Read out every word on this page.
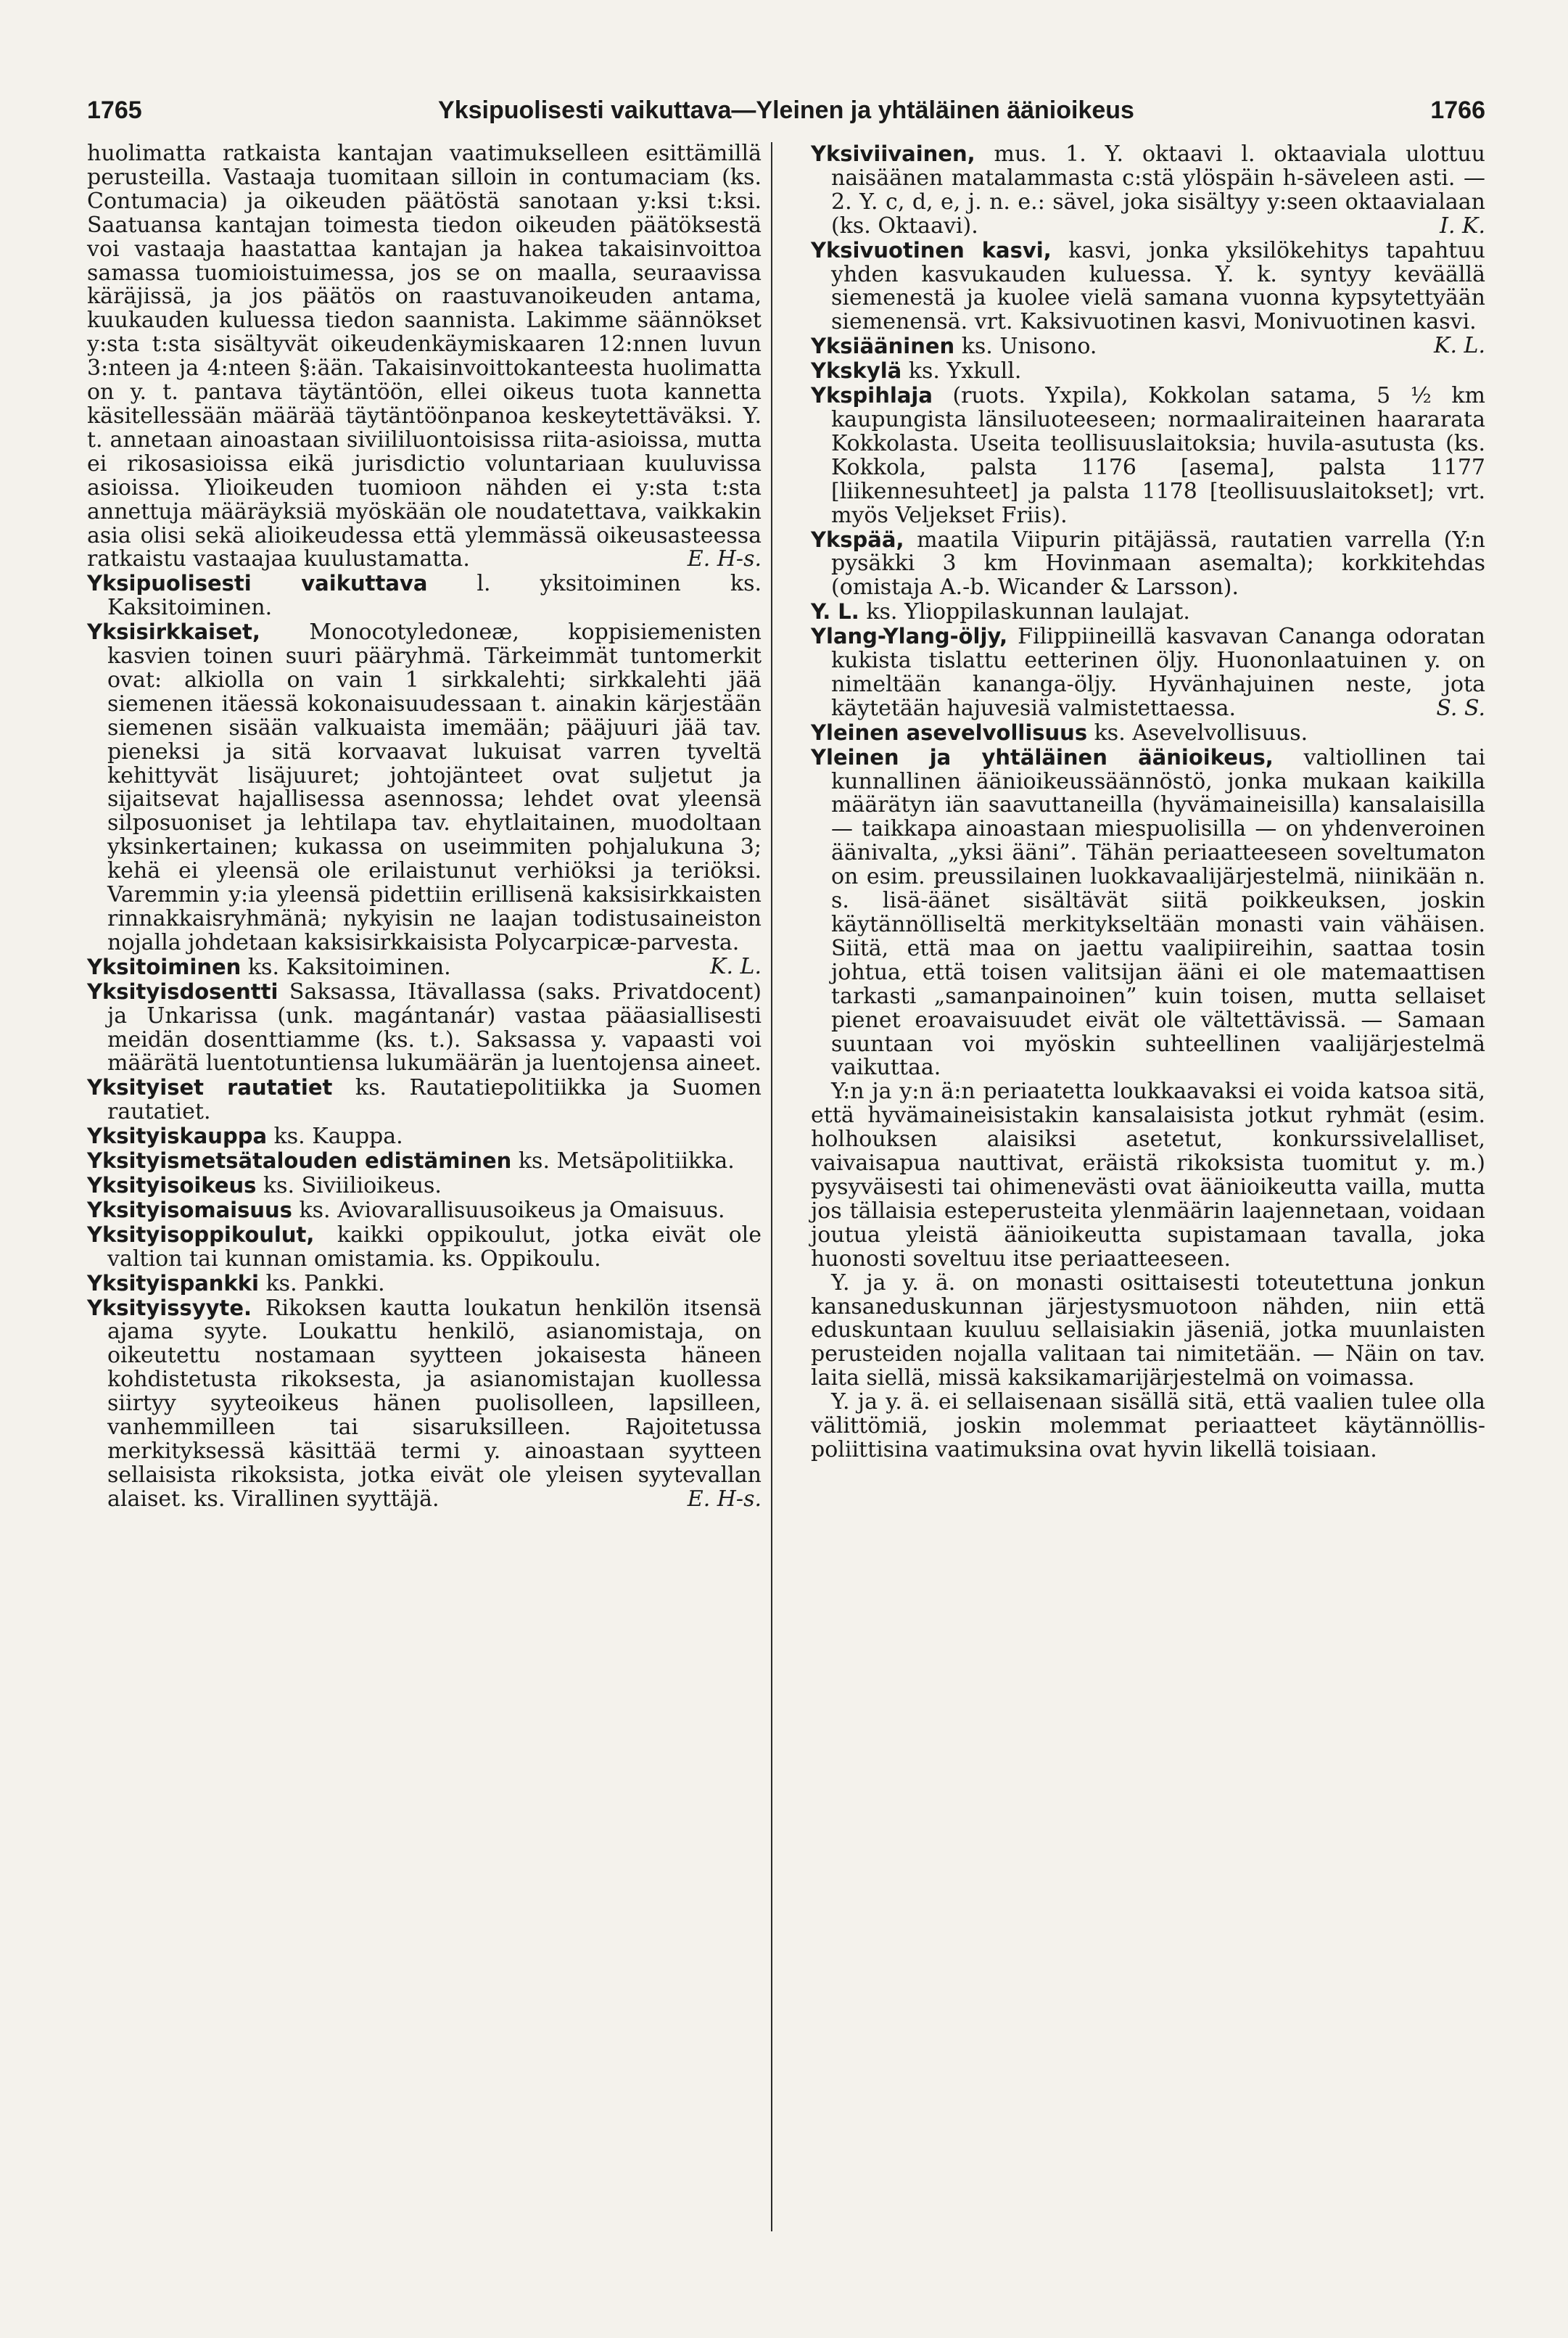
1765	Yksipuolisesti vaikuttava—Yleinen ja yhtäläinen äänioikeus	1766

huolimatta ratkaista kantajan vaatimukselleen esittämillä perusteilla. Vastaaja tuomitaan silloin in contumaciam (ks. Contumacia) ja oikeuden päätöstä sanotaan y:ksi t:ksi. Saatuansa kantajan toimesta tiedon oikeuden päätöksestä voi vastaaja haastattaa kantajan ja hakea takaisinvoittoa samassa tuomioistuimessa, jos se on maalla, seuraavissa käräjissä, ja jos päätös on raastuvanoikeuden antama, kuukauden kuluessa tiedon saannista. Lakimme säännökset y:sta t:sta sisältyvät oikeudenkäymiskaaren 12:nnen luvun 3:nteen ja 4:nteen §:ään. Takaisinvoittokanteesta huolimatta on y. t. pantava täytäntöön, ellei oikeus tuota kannetta käsitellessään määrää täytäntöönpanoa keskeytettäväksi. Y. t. annetaan ainoastaan siviililuontoisissa riita-asioissa, mutta ei rikosasioissa eikä jurisdictio voluntariaan kuuluvissa asioissa. Ylioikeuden tuomioon nähden ei y:sta t:sta annettuja määräyksiä myöskään ole noudatettava, vaikkakin asia olisi sekä alioikeudessa että ylemmässä oikeusasteessa ratkaistu vastaajaa kuulustamatta.	E. H-s.

Yksipuolisesti vaikuttava l. yksitoiminen ks. Kaksitoiminen.

Yksisirkkaiset, Monocotyledoneæ, koppisiemenisten kasvien toinen suuri pääryhmä. Tärkeimmät tuntomerkit ovat: alkiolla on vain 1 sirkkalehti; sirkkalehti jää siemenen itäessä kokonaisuudessaan t. ainakin kärjestään siemenen sisään valkuaista imemään; pääjuuri jää tav. pieneksi ja sitä korvaavat lukuisat varren tyveltä kehittyvät lisäjuuret; johtojänteet ovat suljetut ja sijaitsevat hajallisessa asennossa; lehdet ovat yleensä silposuoniset ja lehtilapa tav. ehytlaitainen, muodoltaan yksinkertainen; kukassa on useimmiten pohjalukuna 3; kehä ei yleensä ole erilaistunut verhiöksi ja teriöksi. Varemmin y:ia yleensä pidettiin erillisenä kaksisirkkaisten rinnakkaisryhmänä; nykyisin ne laajan todistusaineiston nojalla johdetaan kaksisirkkaisista Polycarpicæ-parvesta.
K. L.

Yksitoiminen ks. Kaksitoiminen.

Yksityisdosentti Saksassa, Itävallassa (saks. Privatdocent) ja Unkarissa (unk. magántanár) vastaa pääasiallisesti meidän dosenttiamme (ks. t.). Saksassa y. vapaasti voi määrätä luentotuntiensa lukumäärän ja luentojensa aineet.

Yksityiset rautatiet ks. Rautatiepolitiikka ja Suomen rautatiet.

Yksityiskauppa ks. Kauppa.

Yksityismetsätalouden edistäminen ks. Metsäpolitiikka.

Yksityisoikeus ks. Siviilioikeus.

Yksityisomaisuus ks. Aviovarallisuusoikeus ja Omaisuus.

Yksityisoppikoulut, kaikki oppikoulut, jotka eivät ole valtion tai kunnan omistamia. ks. Oppikoulu.

Yksityispankki ks. Pankki.

Yksityissyyte. Rikoksen kautta loukatun henkilön itsensä ajama syyte. Loukattu henkilö, asianomistaja, on oikeutettu nostamaan syytteen jokaisesta häneen kohdistetusta rikoksesta, ja asianomistajan kuollessa siirtyy syyteoikeus hänen puolisolleen, lapsilleen, vanhemmilleen tai sisaruksilleen. Rajoitetussa merkityksessä käsittää termi y. ainoastaan syytteen sellaisista rikoksista, jotka eivät ole yleisen syytevallan alaiset. ks. Virallinen syyttäjä.	E. H-s.

Yksiviivainen, mus. 1. Y. oktaavi l. oktaaviala ulottuu naisäänen matalammasta c:stä ylöspäin h-säveleen asti. — 2. Y. c, d, e, j. n. e.: sävel, joka sisältyy y:seen oktaavialaan (ks. Oktaavi).	I. K.

Yksivuotinen kasvi, kasvi, jonka yksilökehitys tapahtuu yhden kasvukauden kuluessa. Y. k. syntyy keväällä siemenestä ja kuolee vielä samana vuonna kypsytettyään siemenensä. vrt. Kaksivuotinen kasvi, Monivuotinen kasvi.
K. L.

Yksiääninen ks. Unisono.

Ykskylä ks. Yxkull.

Ykspihlaja (ruots. Yxpila), Kokkolan satama, 5 ½ km kaupungista länsiluoteeseen; normaaliraiteinen haararata Kokkolasta. Useita teollisuuslaitoksia; huvila-asutusta (ks. Kokkola, palsta 1176 [asema], palsta 1177 [liikennesuhteet] ja palsta 1178 [teollisuuslaitokset]; vrt. myös Veljekset Friis).

Ykspää, maatila Viipurin pitäjässä, rautatien varrella (Y:n pysäkki 3 km Hovinmaan asemalta); korkkitehdas (omistaja A.-b. Wicander & Larsson).

Y. L. ks. Ylioppilaskunnan laulajat.

Ylang-Ylang-öljy, Filippiineillä kasvavan Cananga odoratan kukista tislattu eetterinen öljy. Huononlaatuinen y. on nimeltään kananga-öljy. Hyvänhajuinen neste, jota käytetään hajuvesiä valmistettaessa.	S. S.

Yleinen asevelvollisuus ks. Asevelvollisuus.

Yleinen ja yhtäläinen äänioikeus, valtiollinen tai kunnallinen äänioikeussäännöstö, jonka mukaan kaikilla määrätyn iän saavuttaneilla (hyvämaineisilla) kansalaisilla — taikkapa ainoastaan miespuolisilla — on yhdenveroinen äänivalta, „yksi ääni”. Tähän periaatteeseen soveltumaton on esim. preussilainen luokkavaalijärjestelmä, niinikään n. s. lisä-äänet sisältävät siitä poikkeuksen, joskin käytännölliseltä merkitykseltään monasti vain vähäisen. Siitä, että maa on jaettu vaalipiireihin, saattaa tosin johtua, että toisen valitsijan ääni ei ole matemaattisen tarkasti „samanpainoinen” kuin toisen, mutta sellaiset pienet eroavaisuudet eivät ole vältettävissä. — Samaan suuntaan voi myöskin suhteellinen vaalijärjestelmä vaikuttaa.

Y:n ja y:n ä:n periaatetta loukkaavaksi ei voida katsoa sitä, että hyvämaineisistakin kansalaisista jotkut ryhmät (esim. holhouksen alaisiksi asetetut, konkurssivelalliset, vaivaisapua nauttivat, eräistä rikoksista tuomitut y. m.) pysyväisesti tai ohimenevästi ovat äänioikeutta vailla, mutta jos tällaisia esteperusteita ylenmäärin laajennetaan, voidaan joutua yleistä äänioikeutta supistamaan tavalla, joka huonosti soveltuu itse periaatteeseen.

Y. ja y. ä. on monasti osittaisesti toteutettuna jonkun kansaneduskunnan järjestysmuotoon nähden, niin että eduskuntaan kuuluu sellaisiakin jäseniä, jotka muunlaisten perusteiden nojalla valitaan tai nimitetään. — Näin on tav. laita siellä, missä kaksikamarijärjestelmä on voimassa.

Y. ja y. ä. ei sellaisenaan sisällä sitä, että vaalien tulee olla välittömiä, joskin molemmat periaatteet käytännöllis-poliittisina vaatimuksina ovat hyvin likellä toisiaan.
